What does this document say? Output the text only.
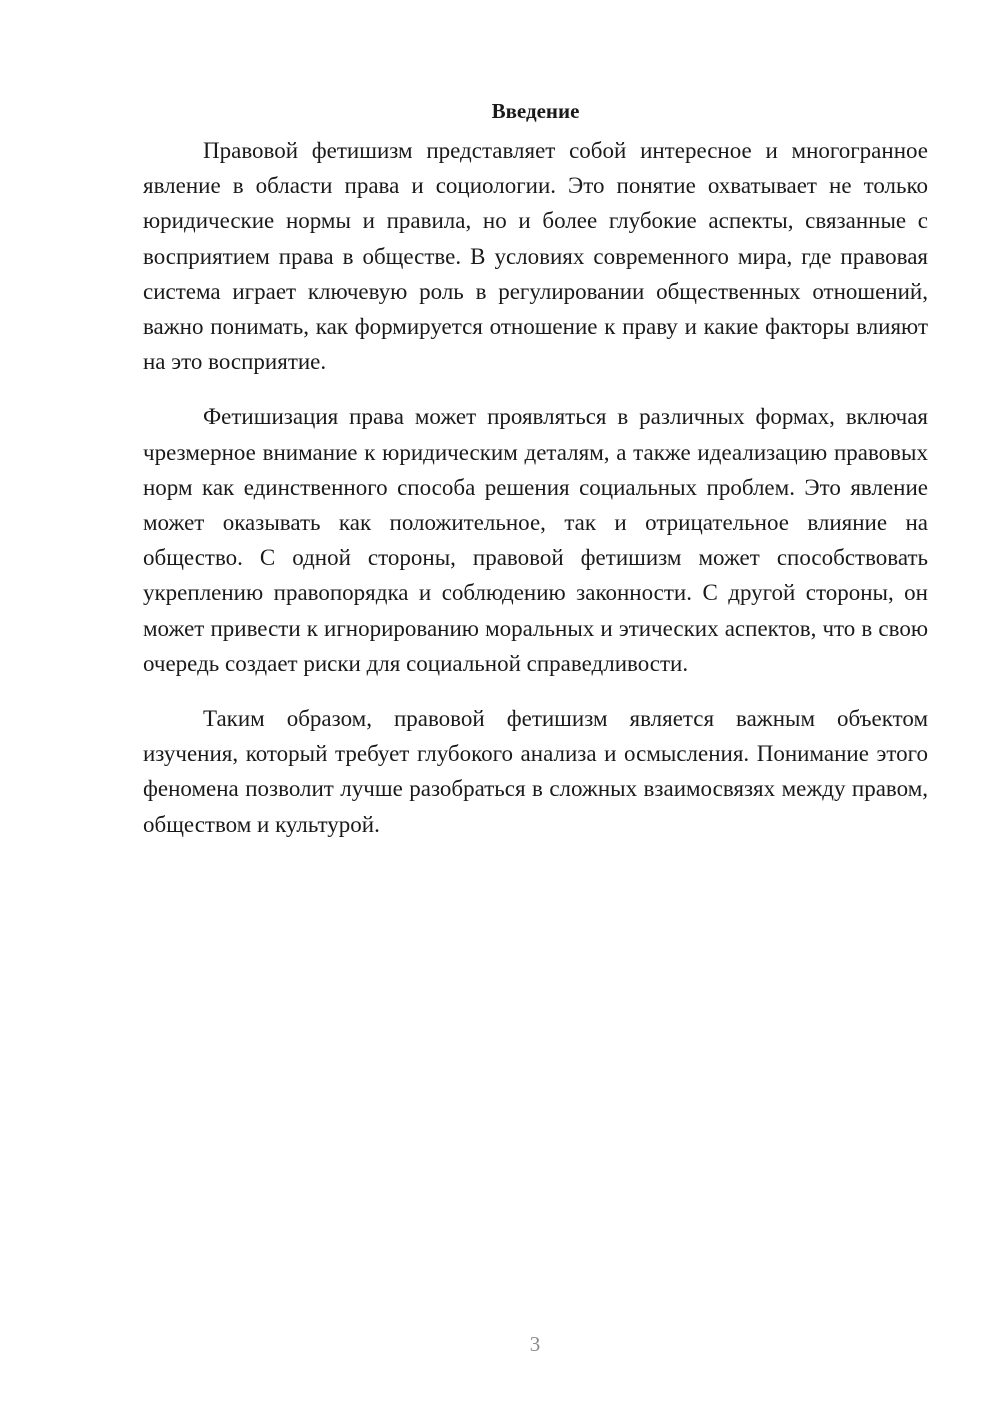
Введение

Правовой фетишизм представляет собой интересное и многогранное явление в области права и социологии. Это понятие охватывает не только юридические нормы и правила, но и более глубокие аспекты, связанные с восприятием права в обществе. В условиях современного мира, где правовая система играет ключевую роль в регулировании общественных отношений, важно понимать, как формируется отношение к праву и какие факторы влияют на это восприятие.

Фетишизация права может проявляться в различных формах, включая чрезмерное внимание к юридическим деталям, а также идеализацию правовых норм как единственного способа решения социальных проблем. Это явление может оказывать как положительное, так и отрицательное влияние на общество. С одной стороны, правовой фетишизм может способствовать укреплению правопорядка и соблюдению законности. С другой стороны, он может привести к игнорированию моральных и этических аспектов, что в свою очередь создает риски для социальной справедливости.

Таким образом, правовой фетишизм является важным объектом изучения, который требует глубокого анализа и осмысления. Понимание этого феномена позволит лучше разобраться в сложных взаимосвязях между правом, обществом и культурой.

3
